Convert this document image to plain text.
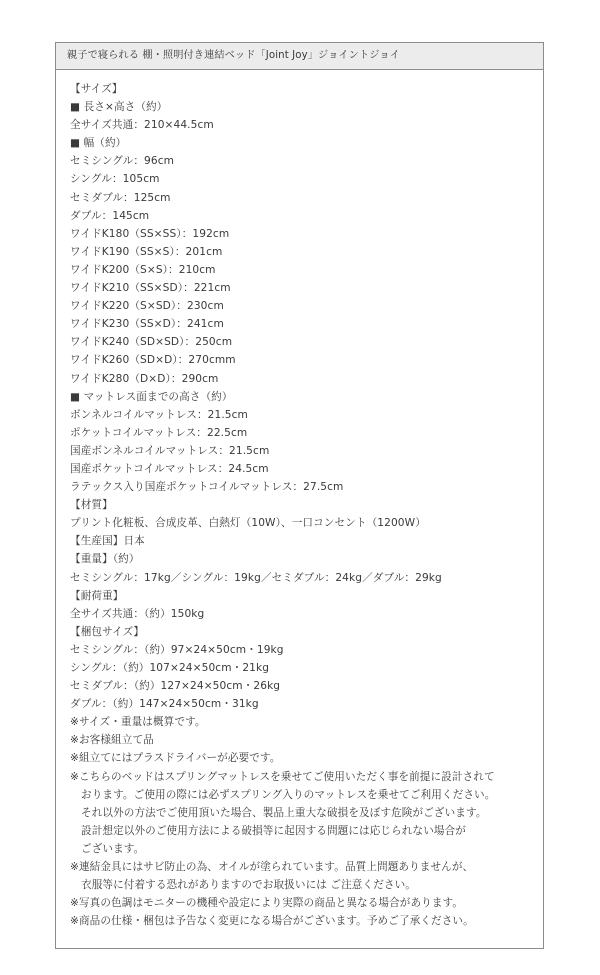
親子で寝られる 棚・照明付き連結ベッド「Joint Joy」ジョイントジョイ
【サイズ】
■ 長さ×高さ（約）
全サイズ共通：210×44.5cm
■ 幅（約）
セミシングル：96cm
シングル：105cm
セミダブル：125cm
ダブル：145cm
ワイドK180（SS×SS）：192cm
ワイドK190（SS×S）：201cm
ワイドK200（S×S）：210cm
ワイドK210（SS×SD）：221cm
ワイドK220（S×SD）：230cm
ワイドK230（SS×D）：241cm
ワイドK240（SD×SD）：250cm
ワイドK260（SD×D）：270cmm
ワイドK280（D×D）：290cm
■ マットレス面までの高さ（約）
ボンネルコイルマットレス：21.5cm
ポケットコイルマットレス：22.5cm
国産ボンネルコイルマットレス：21.5cm
国産ポケットコイルマットレス：24.5cm
ラテックス入り国産ポケットコイルマットレス：27.5cm
【材質】
プリント化粧板、合成皮革、白熱灯（10W）、一口コンセント（1200W）
【生産国】日本
【重量】（約）
セミシングル：17kg／シングル：19kg／セミダブル：24kg／ダブル：29kg
【耐荷重】
全サイズ共通：（約）150kg
【梱包サイズ】
セミシングル：（約）97×24×50cm・19kg
シングル：（約）107×24×50cm・21kg
セミダブル：（約）127×24×50cm・26kg
ダブル：（約）147×24×50cm・31kg
※サイズ・重量は概算です。
※お客様組立て品
※組立てにはプラスドライバーが必要です。
※こちらのベッドはスプリングマットレスを乗せてご使用いただく事を前提に設計されて
おります。ご使用の際には必ずスプリング入りのマットレスを乗せてご利用ください。
それ以外の方法でご使用頂いた場合、製品上重大な破損を及ぼす危険がございます。
設計想定以外のご使用方法による破損等に起因する問題には応じられない場合が
ございます。
※連結金具にはサビ防止の為、オイルが塗られています。品質上問題ありませんが、
衣服等に付着する恐れがありますのでお取扱いには ご注意ください。
※写真の色調はモニターの機種や設定により実際の商品と異なる場合があります。
※商品の仕様・梱包は予告なく変更になる場合がございます。予めご了承ください。
